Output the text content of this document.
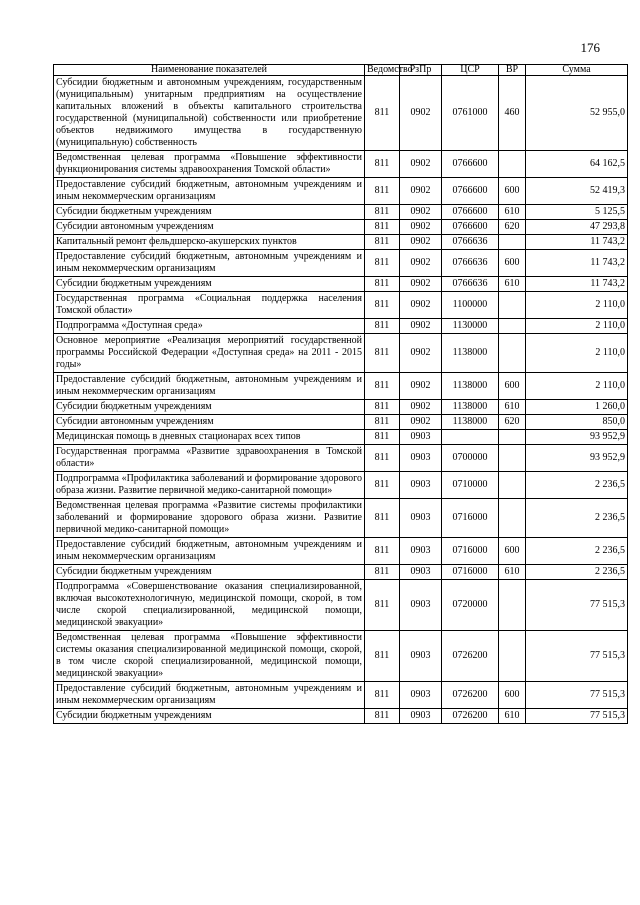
176
Наименование показателей	Ведомство	РзПр	ЦСР	ВР	Сумма
Субсидии бюджетным и автономным учреждениям, государственным (муниципальным) унитарным предприятиям на осуществление капитальных вложений в объекты капитального строительства государственной (муниципальной) собственности или приобретение объектов недвижимого имущества в государственную (муниципальную) собственность	811	0902	0761000	460	52 955,0
Ведомственная целевая программа «Повышение эффективности функционирования системы здравоохранения Томской области»	811	0902	0766600		64 162,5
Предоставление субсидий бюджетным, автономным учреждениям и иным некоммерческим организациям	811	0902	0766600	600	52 419,3
Субсидии бюджетным учреждениям	811	0902	0766600	610	5 125,5
Субсидии автономным учреждениям	811	0902	0766600	620	47 293,8
Капитальный ремонт фельдшерско-акушерских пунктов	811	0902	0766636		11 743,2
Предоставление субсидий бюджетным, автономным учреждениям и иным некоммерческим организациям	811	0902	0766636	600	11 743,2
Субсидии бюджетным учреждениям	811	0902	0766636	610	11 743,2
Государственная программа «Социальная поддержка населения Томской области»	811	0902	1100000		2 110,0
Подпрограмма «Доступная среда»	811	0902	1130000		2 110,0
Основное мероприятие «Реализация мероприятий государственной программы Российской Федерации «Доступная среда» на 2011 - 2015 годы»	811	0902	1138000		2 110,0
Предоставление субсидий бюджетным, автономным учреждениям и иным некоммерческим организациям	811	0902	1138000	600	2 110,0
Субсидии бюджетным учреждениям	811	0902	1138000	610	1 260,0
Субсидии автономным учреждениям	811	0902	1138000	620	850,0
Медицинская помощь в дневных стационарах всех типов	811	0903			93 952,9
Государственная программа «Развитие здравоохранения в Томской области»	811	0903	0700000		93 952,9
Подпрограмма «Профилактика заболеваний и формирование здорового образа жизни. Развитие первичной медико-санитарной помощи»	811	0903	0710000		2 236,5
Ведомственная целевая программа «Развитие системы профилактики заболеваний и формирование здорового образа жизни. Развитие первичной медико-санитарной помощи»	811	0903	0716000		2 236,5
Предоставление субсидий бюджетным, автономным учреждениям и иным некоммерческим организациям	811	0903	0716000	600	2 236,5
Субсидии бюджетным учреждениям	811	0903	0716000	610	2 236,5
Подпрограмма «Совершенствование оказания специализированной, включая высокотехнологичную, медицинской помощи, скорой, в том числе скорой специализированной, медицинской помощи, медицинской эвакуации»	811	0903	0720000		77 515,3
Ведомственная целевая программа «Повышение эффективности системы оказания специализированной медицинской помощи, скорой, в том числе скорой специализированной, медицинской помощи, медицинской эвакуации»	811	0903	0726200		77 515,3
Предоставление субсидий бюджетным, автономным учреждениям и иным некоммерческим организациям	811	0903	0726200	600	77 515,3
Субсидии бюджетным учреждениям	811	0903	0726200	610	77 515,3
